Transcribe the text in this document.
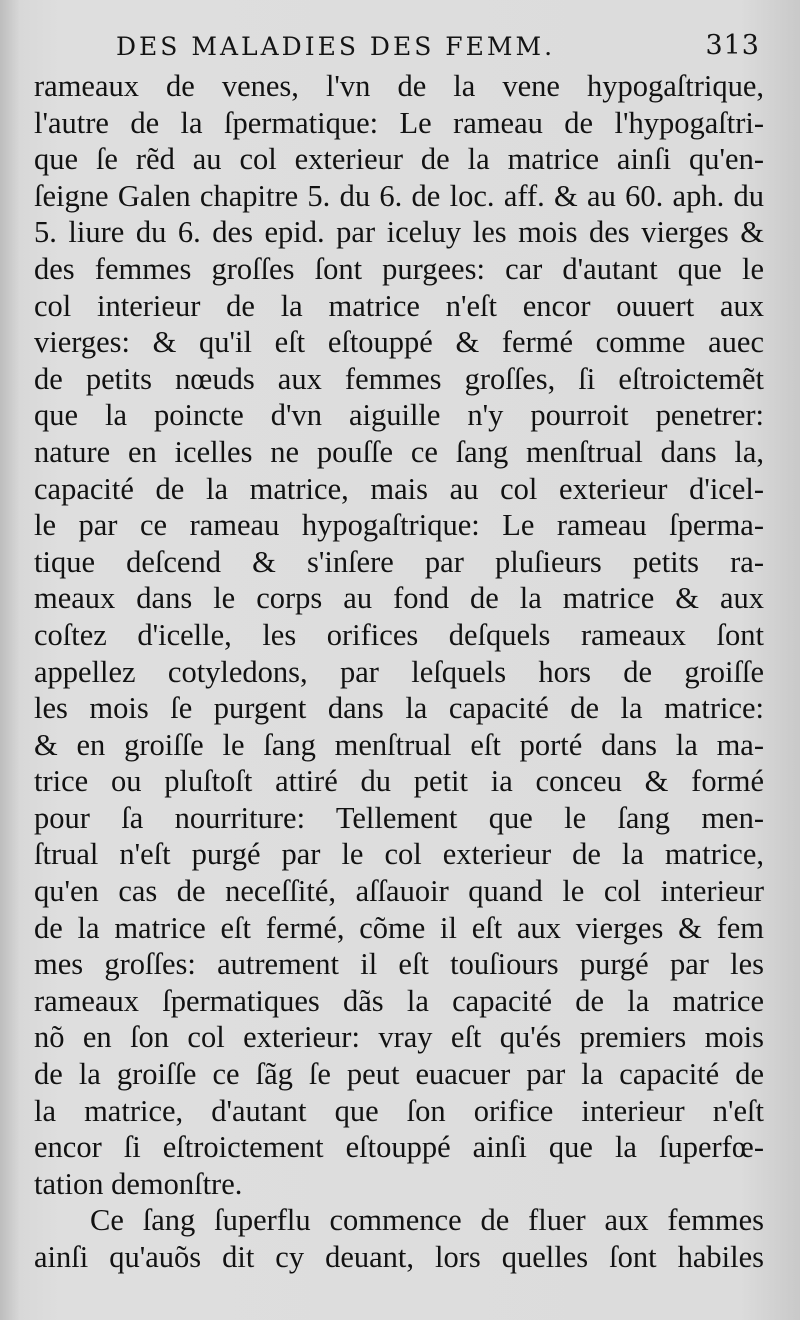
DES MALADIES DES FEMM.	313
rameaux de venes, l'vn de la vene hypogaſtrique,
l'autre de la ſpermatique: Le rameau de l'hypogaſtri-
que ſe rẽd au col exterieur de la matrice ainſi qu'en-
ſeigne Galen chapitre 5. du 6. de loc. aff. & au 60. aph. du
5. liure du 6. des epid. par iceluy les mois des vierges &
des femmes groſſes ſont purgees: car d'autant que le
col interieur de la matrice n'eſt encor ouuert aux
vierges: & qu'il eſt eſtouppé & fermé comme auec
de petits nœuds aux femmes groſſes, ſi eſtroictemẽt
que la poincte d'vn aiguille n'y pourroit penetrer:
nature en icelles ne pouſſe ce ſang menſtrual dans la,
capacité de la matrice, mais au col exterieur d'icel-
le par ce rameau hypogaſtrique: Le rameau ſperma-
tique deſcend & s'inſere par pluſieurs petits ra-
meaux dans le corps au fond de la matrice & aux
coſtez d'icelle, les orifices deſquels rameaux ſont
appellez cotyledons, par leſquels hors de groiſſe
les mois ſe purgent dans la capacité de la matrice:
& en groiſſe le ſang menſtrual eſt porté dans la ma-
trice ou pluſtoſt attiré du petit ia conceu & formé
pour ſa nourriture: Tellement que le ſang men-
ſtrual n'eſt purgé par le col exterieur de la matrice,
qu'en cas de neceſſité, aſſauoir quand le col interieur
de la matrice eſt fermé, cõme il eſt aux vierges & fem
mes groſſes: autrement il eſt touſiours purgé par les
rameaux ſpermatiques dãs la capacité de la matrice
nõ en ſon col exterieur: vray eſt qu'és premiers mois
de la groiſſe ce ſãg ſe peut euacuer par la capacité de
la matrice, d'autant que ſon orifice interieur n'eſt
encor ſi eſtroictement eſtouppé ainſi que la ſuperfœ-
tation demonſtre.
Ce ſang ſuperflu commence de fluer aux femmes
ainſi qu'auõs dit cy deuant, lors quelles ſont habiles
